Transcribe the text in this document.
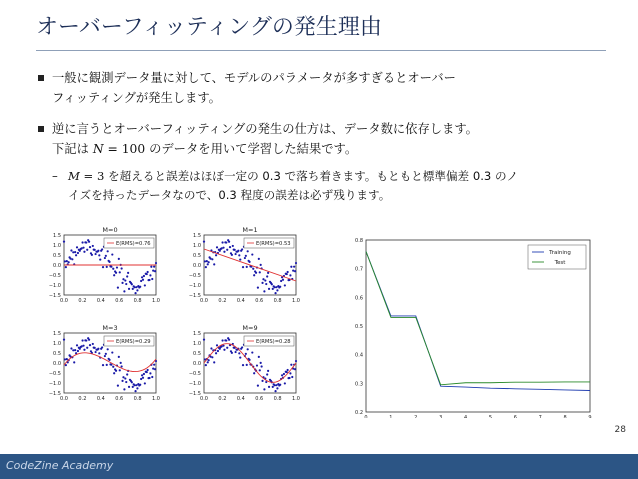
オーバーフィッティングの発生理由
一般に観測データ量に対して、モデルのパラメータが多すぎるとオーバー
フィッティングが発生します。
逆に言うとオーバーフィッティングの発生の仕方は、データ数に依存します。
下記は N = 100 のデータを用いて学習した結果です。
– M = 3 を超えると誤差はほぼ一定の 0.3 で落ち着きます。もともと標準偏差 0.3 のノ
イズを持ったデータなので、0.3 程度の誤差は必ず残ります。
M=0
1.5
1.0
0.5
0.0
−0.5
−1.0
−1.5
0.0 0.2 0.4 0.6 0.8 1.0
E(RMS)=0.76
M=1
1.5
1.0
0.5
0.0
−0.5
−1.0
−1.5
0.0 0.2 0.4 0.6 0.8 1.0
E(RMS)=0.53
M=3
1.5
1.0
0.5
0.0
−0.5
−1.0
−1.5
0.0 0.2 0.4 0.6 0.8 1.0
E(RMS)=0.29
M=9
1.5
1.0
0.5
0.0
−0.5
−1.0
−1.5
0.0 0.2 0.4 0.6 0.8 1.0
E(RMS)=0.28
0.8
0.7
0.6
0.5
0.4
0.3
0.2
0	1	2	3	4	5	6	7	8	9
Training
Test
28
CodeZine Academy
